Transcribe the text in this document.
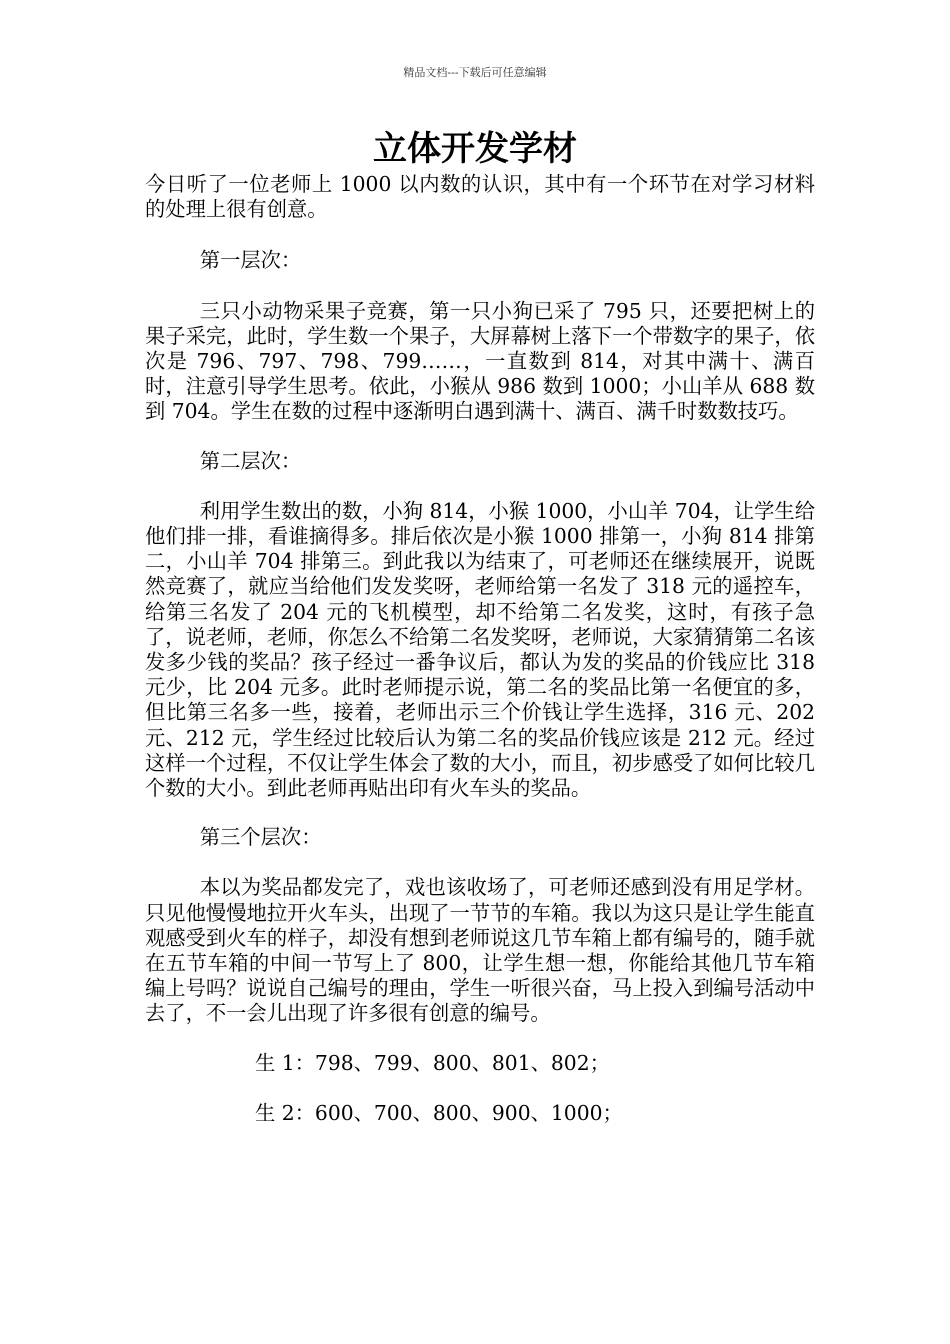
精品文档---下载后可任意编辑
立体开发学材

今日听了一位老师上 1000 以内数的认识，其中有一个环节在对学习材料的处理上很有创意。

第一层次：

三只小动物采果子竞赛，第一只小狗已采了 795 只，还要把树上的果子采完，此时，学生数一个果子，大屏幕树上落下一个带数字的果子，依次是 796、797、798、799……，一直数到 814，对其中满十、满百时，注意引导学生思考。依此，小猴从 986 数到 1000；小山羊从 688 数到 704。学生在数的过程中逐渐明白遇到满十、满百、满千时数数技巧。

第二层次：

利用学生数出的数，小狗 814，小猴 1000，小山羊 704，让学生给他们排一排，看谁摘得多。排后依次是小猴 1000 排第一，小狗 814 排第二，小山羊 704 排第三。到此我以为结束了，可老师还在继续展开，说既然竞赛了，就应当给他们发发奖呀，老师给第一名发了 318 元的遥控车，给第三名发了 204 元的飞机模型，却不给第二名发奖，这时，有孩子急了，说老师，老师，你怎么不给第二名发奖呀，老师说，大家猜猜第二名该发多少钱的奖品？孩子经过一番争议后，都认为发的奖品的价钱应比 318 元少，比 204 元多。此时老师提示说，第二名的奖品比第一名便宜的多，但比第三名多一些，接着，老师出示三个价钱让学生选择，316 元、202 元、212 元，学生经过比较后认为第二名的奖品价钱应该是 212 元。经过这样一个过程，不仅让学生体会了数的大小，而且，初步感受了如何比较几个数的大小。到此老师再贴出印有火车头的奖品。

第三个层次：

本以为奖品都发完了，戏也该收场了，可老师还感到没有用足学材。只见他慢慢地拉开火车头，出现了一节节的车箱。我以为这只是让学生能直观感受到火车的样子，却没有想到老师说这几节车箱上都有编号的，随手就在五节车箱的中间一节写上了 800，让学生想一想，你能给其他几节车箱编上号吗？说说自己编号的理由，学生一听很兴奋，马上投入到编号活动中去了，不一会儿出现了许多很有创意的编号。

生 1：798、799、800、801、802；

生 2：600、700、800、900、1000；
